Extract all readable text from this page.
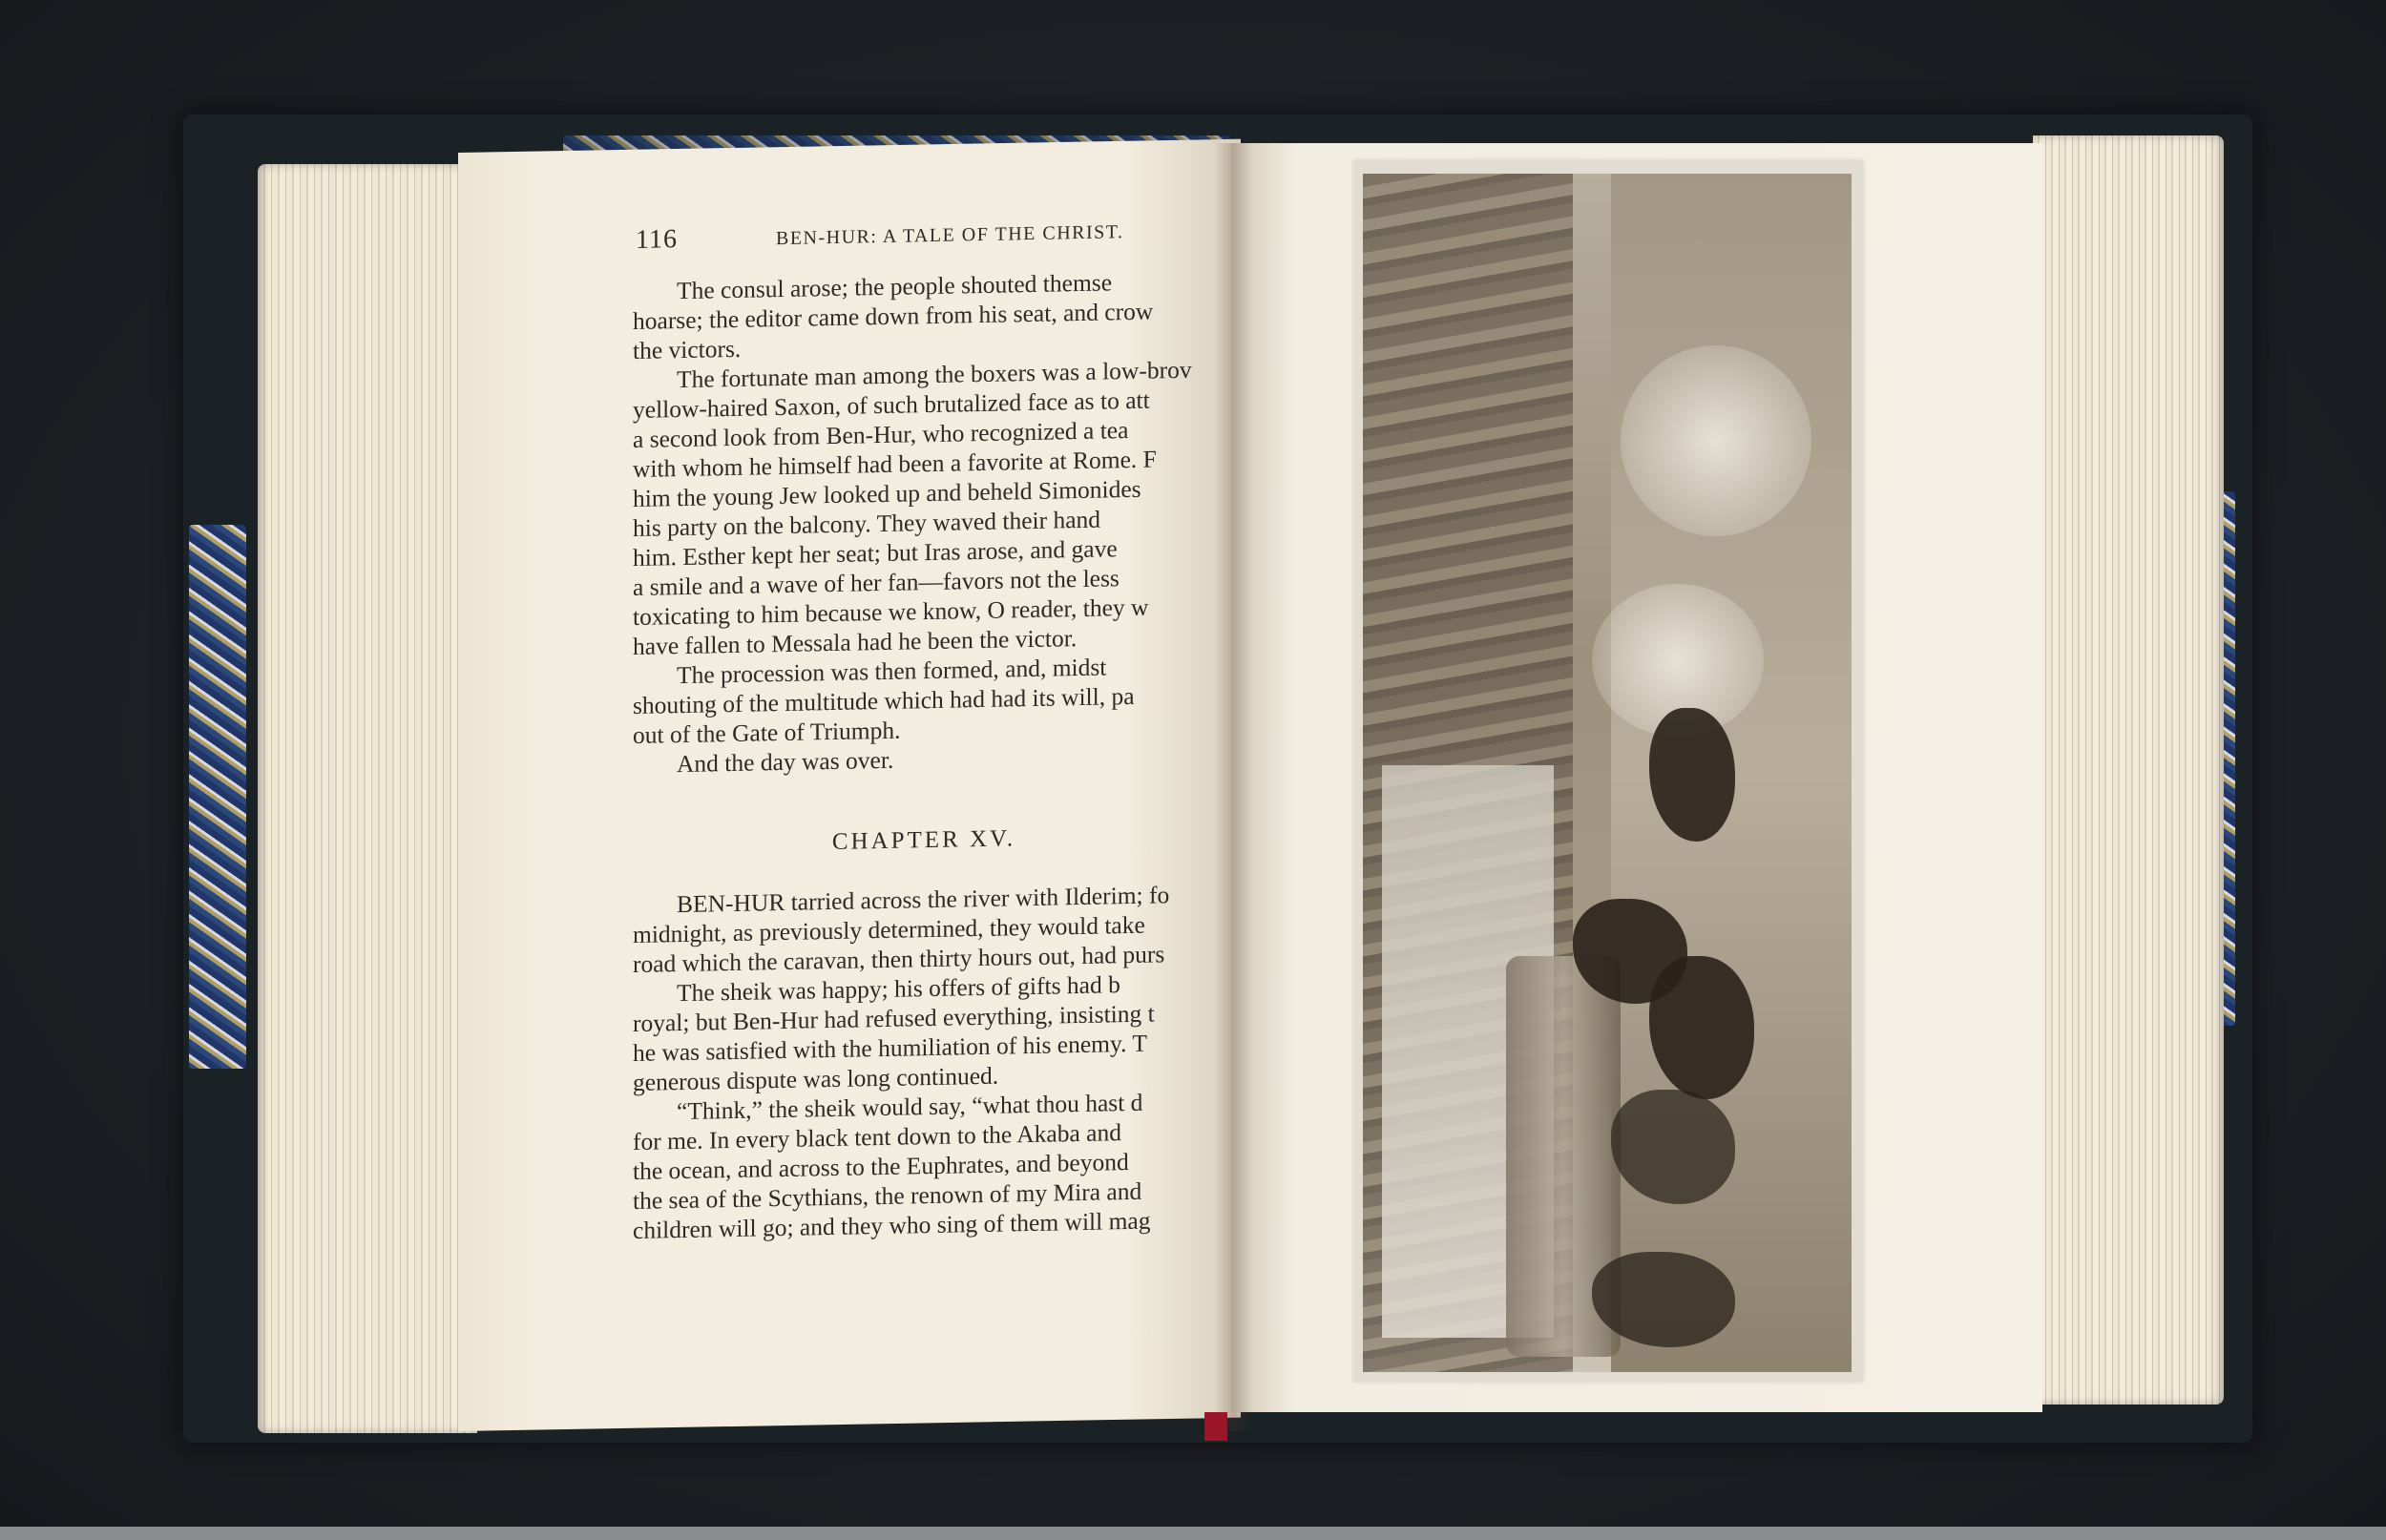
116	BEN-HUR: A TALE OF THE CHRIST.
The consul arose; the people shouted themse
hoarse; the editor came down from his seat, and crow
the victors.
The fortunate man among the boxers was a low-brov
yellow-haired Saxon, of such brutalized face as to att
a second look from Ben-Hur, who recognized a tea
with whom he himself had been a favorite at Rome. F
him the young Jew looked up and beheld Simonides
his party on the balcony. They waved their hand
him. Esther kept her seat; but Iras arose, and gave
a smile and a wave of her fan—favors not the less
toxicating to him because we know, O reader, they w
have fallen to Messala had he been the victor.
The procession was then formed, and, midst
shouting of the multitude which had had its will, pa
out of the Gate of Triumph.
And the day was over.
CHAPTER XV.
BEN-HUR tarried across the river with Ilderim; fo
midnight, as previously determined, they would take
road which the caravan, then thirty hours out, had purs
The sheik was happy; his offers of gifts had b
royal; but Ben-Hur had refused everything, insisting t
he was satisfied with the humiliation of his enemy. T
generous dispute was long continued.
“Think,” the sheik would say, “what thou hast d
for me. In every black tent down to the Akaba and
the ocean, and across to the Euphrates, and beyond
the sea of the Scythians, the renown of my Mira and
children will go; and they who sing of them will mag
